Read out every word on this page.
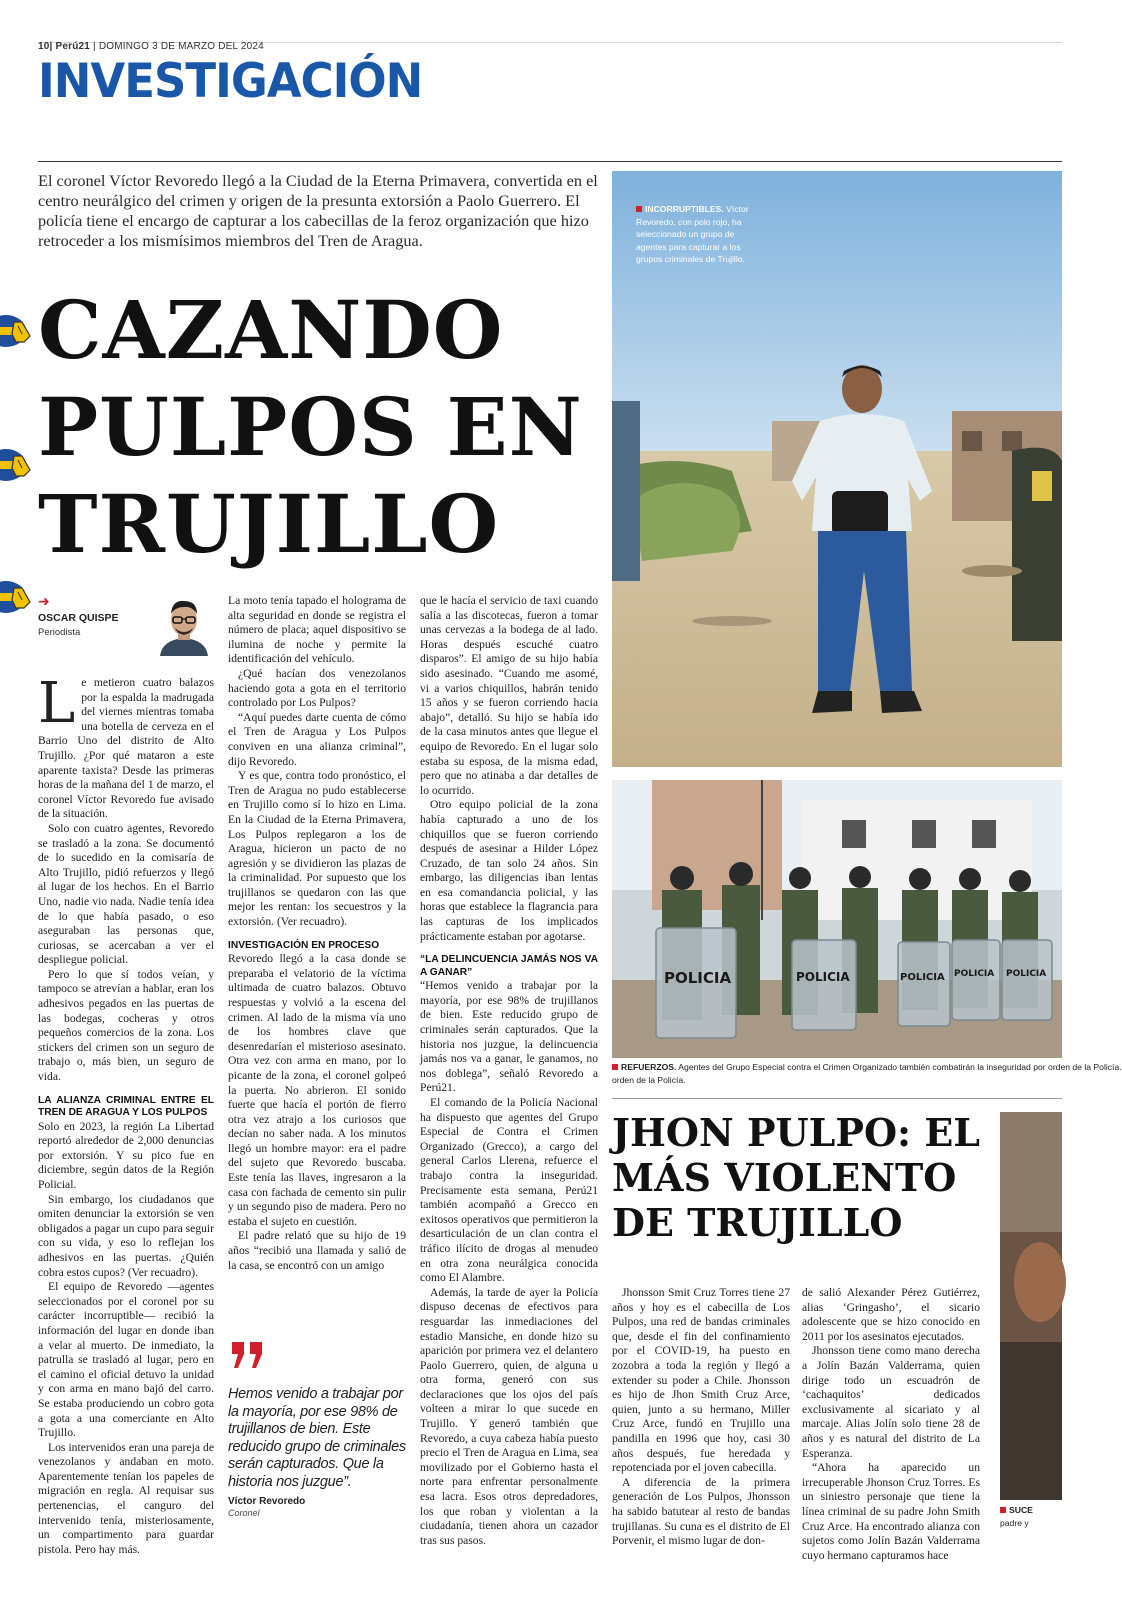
10| Perú21 | DOMINGO 3 DE MARZO DEL 2024
INVESTIGACIÓN
El coronel Víctor Revoredo llegó a la Ciudad de la Eterna Primavera, convertida en el centro neurálgico del crimen y origen de la presunta extorsión a Paolo Guerrero. El policía tiene el encargo de capturar a los cabecillas de la feroz organización que hizo retroceder a los mismísimos miembros del Tren de Aragua.
CAZANDO
PULPOS EN
TRUJILLO
➜
OSCAR QUISPE
Periodista
L e metieron cuatro balazos por la espalda la madrugada del viernes mientras tomaba una botella de cerveza en el Barrio Uno del distrito de Alto Trujillo. ¿Por qué mataron a este aparente taxista? Desde las primeras horas de la mañana del 1 de marzo, el coronel Víctor Revoredo fue avisado de la situación.

Solo con cuatro agentes, Revoredo se trasladó a la zona. Se documentó de lo sucedido en la comisaría de Alto Trujillo, pidió refuerzos y llegó al lugar de los hechos. En el Barrio Uno, nadie vio nada. Nadie tenía idea de lo que había pasado, o eso aseguraban las personas que, curiosas, se acercaban a ver el despliegue policial.

Pero lo que sí todos veían, y tampoco se atrevían a hablar, eran los adhesivos pegados en las puertas de las bodegas, cocheras y otros pequeños comercios de la zona. Los stickers del crimen son un seguro de trabajo o, más bien, un seguro de vida.

LA ALIANZA CRIMINAL ENTRE EL TREN DE ARAGUA Y LOS PULPOS

Solo en 2023, la región La Libertad reportó alrededor de 2,000 denuncias por extorsión. Y su pico fue en diciembre, según datos de la Región Policial.

Sin embargo, los ciudadanos que omiten denunciar la extorsión se ven obligados a pagar un cupo para seguir con su vida, y eso lo reflejan los adhesivos en las puertas. ¿Quién cobra estos cupos? (Ver recuadro).

El equipo de Revoredo —agentes seleccionados por el coronel por su carácter incorruptible— recibió la información del lugar en donde iban a velar al muerto. De inmediato, la patrulla se trasladó al lugar, pero en el camino el oficial detuvo la unidad y con arma en mano bajó del carro. Se estaba produciendo un cobro gota a gota a una comerciante en Alto Trujillo.

Los intervenidos eran una pareja de venezolanos y andaban en moto. Aparentemente tenían los papeles de migración en regla. Al requisar sus pertenencias, el canguro del intervenido tenía, misteriosamente, un compartimento para guardar pistola. Pero hay más.

La moto tenía tapado el holograma de alta seguridad en donde se registra el número de placa; aquel dispositivo se ilumina de noche y permite la identificación del vehículo.

¿Qué hacían dos venezolanos haciendo gota a gota en el territorio controlado por Los Pulpos?

“Aquí puedes darte cuenta de cómo el Tren de Aragua y Los Pulpos conviven en una alianza criminal”, dijo Revoredo.

Y es que, contra todo pronóstico, el Tren de Aragua no pudo establecerse en Trujillo como sí lo hizo en Lima. En la Ciudad de la Eterna Primavera, Los Pulpos replegaron a los de Aragua, hicieron un pacto de no agresión y se dividieron las plazas de la criminalidad. Por supuesto que los trujillanos se quedaron con las que mejor les rentan: los secuestros y la extorsión. (Ver recuadro).

INVESTIGACIÓN EN PROCESO

Revoredo llegó a la casa donde se preparaba el velatorio de la víctima ultimada de cuatro balazos. Obtuvo respuestas y volvió a la escena del crimen. Al lado de la misma vía uno de los hombres clave que desenredarían el misterioso asesinato. Otra vez con arma en mano, por lo picante de la zona, el coronel golpeó la puerta. No abrieron. El sonido fuerte que hacía el portón de fierro otra vez atrajo a los curiosos que decían no saber nada. A los minutos llegó un hombre mayor: era el padre del sujeto que Revoredo buscaba. Este tenía las llaves, ingresaron a la casa con fachada de cemento sin pulir y un segundo piso de madera. Pero no estaba el sujeto en cuestión.

El padre relató que su hijo de 19 años “recibió una llamada y salió de la casa, se encontró con un amigo

Hemos venido a trabajar por la mayoría, por ese 98% de trujillanos de bien. Este reducido grupo de criminales serán capturados. Que la historia nos juzgue”.
Víctor Revoredo
Coronel

que le hacía el servicio de taxi cuando salía a las discotecas, fueron a tomar unas cervezas a la bodega de al lado. Horas después escuché cuatro disparos”. El amigo de su hijo había sido asesinado. “Cuando me asomé, vi a varios chiquillos, habrán tenido 15 años y se fueron corriendo hacia abajo”, detalló. Su hijo se había ido de la casa minutos antes que llegue el equipo de Revoredo. En el lugar solo estaba su esposa, de la misma edad, pero que no atinaba a dar detalles de lo ocurrido.

Otro equipo policial de la zona había capturado a uno de los chiquillos que se fueron corriendo después de asesinar a Hilder López Cruzado, de tan solo 24 años. Sin embargo, las diligencias iban lentas en esa comandancia policial, y las horas que establece la flagrancia para las capturas de los implicados prácticamente estaban por agotarse.

“LA DELINCUENCIA JAMÁS NOS VA A GANAR”

“Hemos venido a trabajar por la mayoría, por ese 98% de trujillanos de bien. Este reducido grupo de criminales serán capturados. Que la historia nos juzgue, la delincuencia jamás nos va a ganar, le ganamos, no nos doblega”, señaló Revoredo a Perú21.

El comando de la Policía Nacional ha dispuesto que agentes del Grupo Especial de Contra el Crimen Organizado (Grecco), a cargo del general Carlos Llerena, refuerce el trabajo contra la inseguridad. Precisamente esta semana, Perú21 también acompañó a Grecco en exitosos operativos que permitieron la desarticulación de un clan contra el tráfico ilícito de drogas al menudeo en otra zona neurálgica conocida como El Alambre.

Además, la tarde de ayer la Policía dispuso decenas de efectivos para resguardar las inmediaciones del estadio Mansiche, en donde hizo su aparición por primera vez el delantero Paolo Guerrero, quien, de alguna u otra forma, generó con sus declaraciones que los ojos del país volteen a mirar lo que sucede en Trujillo. Y generó también que Revoredo, a cuya cabeza había puesto precio el Tren de Aragua en Lima, sea movilizado por el Gobierno hasta el norte para enfrentar personalmente esa lacra. Esos otros depredadores, los que roban y violentan a la ciudadanía, tienen ahora un cazador tras sus pasos.

INCORRUPTIBLES. Víctor Revoredo, con polo rojo, ha seleccionado un grupo de agentes para capturar a los grupos criminales de Trujillo.
POLICIA	POLICIA	POLICIA POLICIA POLICIA
REFUERZOS. Agentes del Grupo Especial contra el Crimen Organizado también combatirán la inseguridad por orden de la Policía.
orden de la Policía.
JHON PULPO: EL
MÁS VIOLENTO
DE TRUJILLO

Jhonsson Smit Cruz Torres tiene 27 años y hoy es el cabecilla de Los Pulpos, una red de bandas criminales que, desde el fin del confinamiento por el COVID-19, ha puesto en zozobra a toda la región y llegó a extender su poder a Chile. Jhonsson es hijo de Jhon Smith Cruz Arce, quien, junto a su hermano, Miller Cruz Arce, fundó en Trujillo una pandilla en 1996 que hoy, casi 30 años después, fue heredada y repotenciada por el joven cabecilla.

A diferencia de la primera generación de Los Pulpos, Jhonsson ha sabido batutear al resto de bandas trujillanas. Su cuna es el distrito de El Porvenir, el mismo lugar de don-

de salió Alexander Pérez Gutiérrez, alias ‘Gringasho’, el sicario adolescente que se hizo conocido en 2011 por los asesinatos ejecutados.

Jhonsson tiene como mano derecha a Jolín Bazán Valderrama, quien dirige todo un escuadrón de ‘cachaquitos’ dedicados exclusivamente al sicariato y al marcaje. Alias Jolín solo tiene 28 de años y es natural del distrito de La Esperanza.

“Ahora ha aparecido un irrecuperable Jhonson Cruz Torres. Es un siniestro personaje que tiene la línea criminal de su padre John Smith Cruz Arce. Ha encontrado alianza con sujetos como Jolín Bazán Valderrama cuyo hermano capturamos hace

SUCE
padre y
